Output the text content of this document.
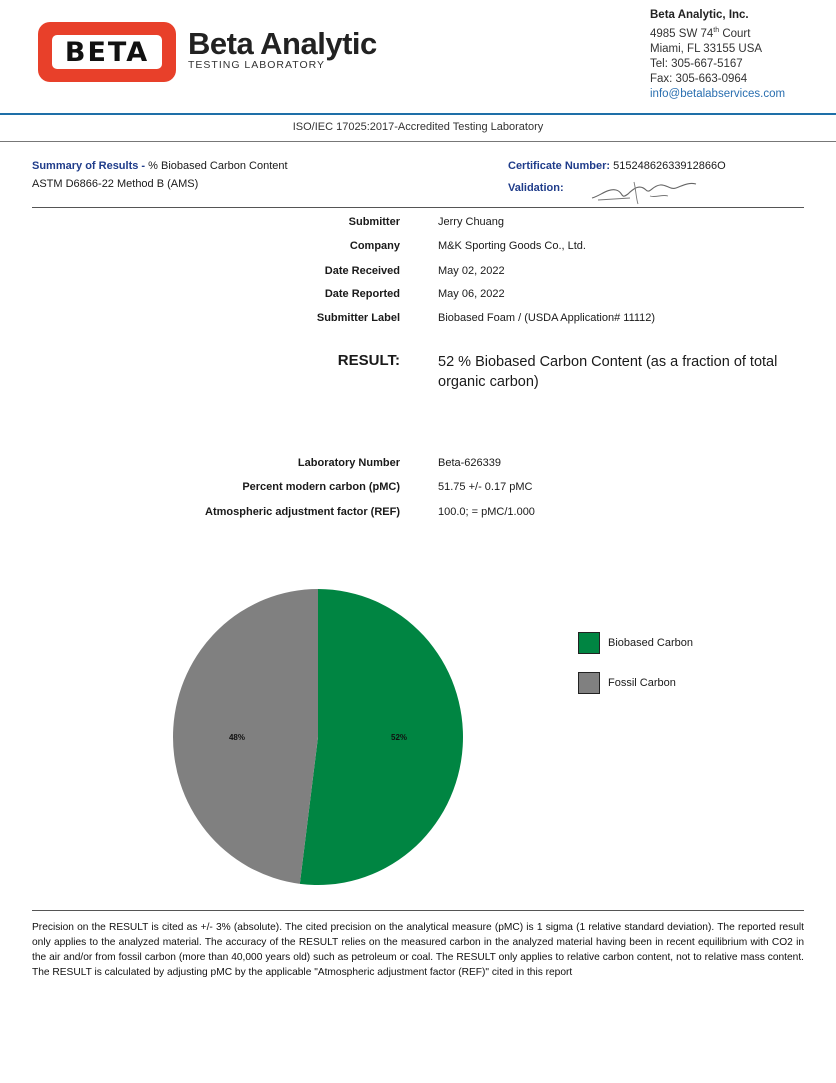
BETA Beta Analytic
TESTING LABORATORY
Beta Analytic, Inc.
4985 SW 74th Court
Miami, FL 33155 USA
Tel: 305-667-5167
Fax: 305-663-0964
info@betalabservices.com
ISO/IEC 17025:2017-Accredited Testing Laboratory
Summary of Results - % Biobased Carbon Content
ASTM D6866-22 Method B (AMS)
Certificate Number: 51524862633912866O
Validation:
Submitter	Jerry Chuang
Company	M&K Sporting Goods Co., Ltd.
Date Received	May 02, 2022
Date Reported	May 06, 2022
Submitter Label	Biobased Foam / (USDA Application# 11112)
RESULT:	52 % Biobased Carbon Content (as a fraction of total organic carbon)
Laboratory Number	Beta-626339
Percent modern carbon (pMC)	51.75 +/- 0.17 pMC
Atmospheric adjustment factor (REF)	100.0; = pMC/1.000
52%
48%
Biobased Carbon
Fossil Carbon
Precision on the RESULT is cited as +/- 3% (absolute). The cited precision on the analytical measure (pMC) is 1 sigma (1 relative standard deviation). The reported result only applies to the analyzed material. The accuracy of the RESULT relies on the measured carbon in the analyzed material having been in recent equilibrium with CO2 in the air and/or from fossil carbon (more than 40,000 years old) such as petroleum or coal. The RESULT only applies to relative carbon content, not to relative mass content. The RESULT is calculated by adjusting pMC by the applicable "Atmospheric adjustment factor (REF)" cited in this report
